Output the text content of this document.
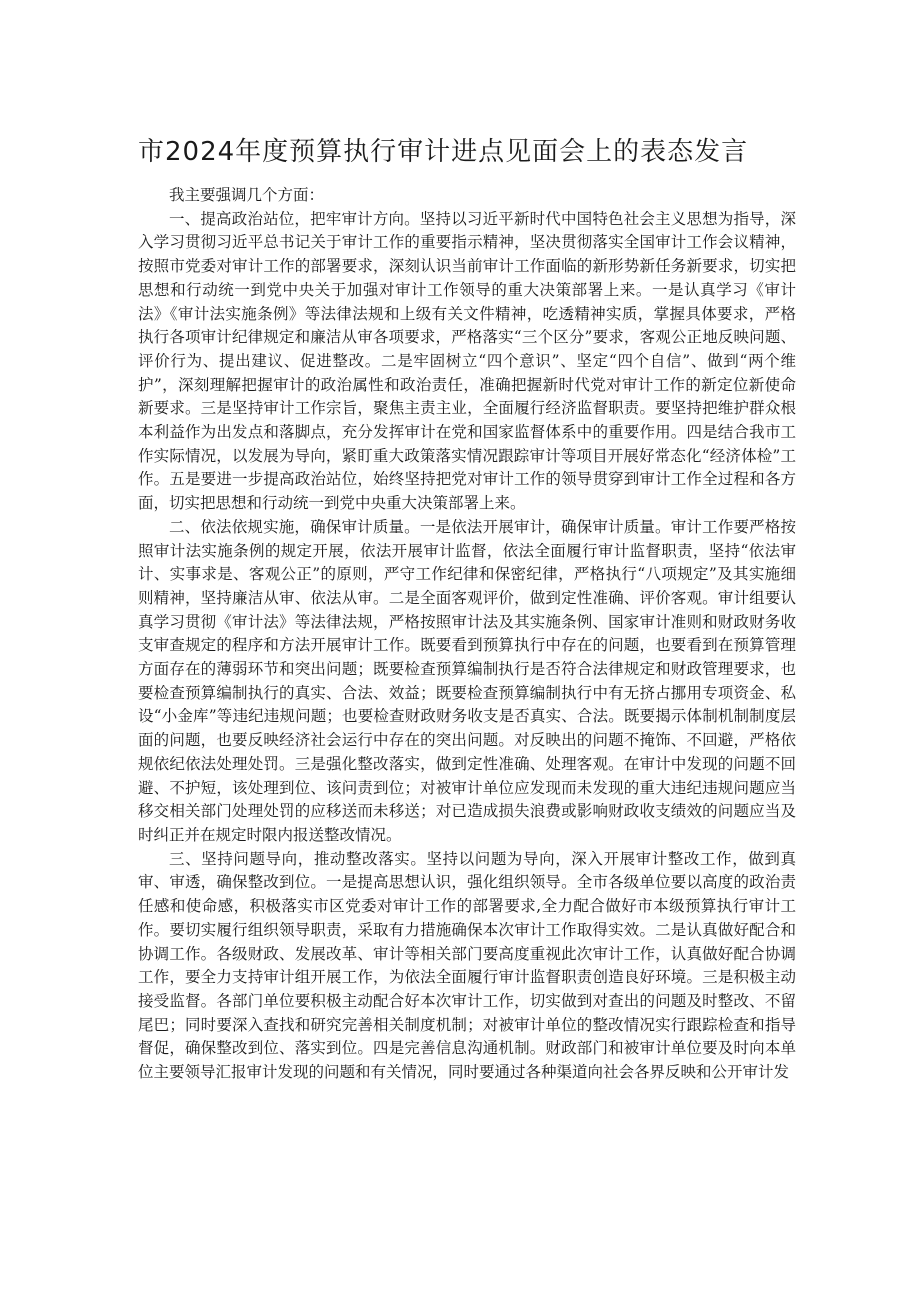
市2024年度预算执行审计进点见面会上的表态发言

我主要强调几个方面：

一、提高政治站位，把牢审计方向。坚持以习近平新时代中国特色社会主义思想为指导，深入学习贯彻习近平总书记关于审计工作的重要指示精神，坚决贯彻落实全国审计工作会议精神，按照市党委对审计工作的部署要求，深刻认识当前审计工作面临的新形势新任务新要求，切实把思想和行动统一到党中央关于加强对审计工作领导的重大决策部署上来。一是认真学习《审计法》《审计法实施条例》等法律法规和上级有关文件精神，吃透精神实质，掌握具体要求，严格执行各项审计纪律规定和廉洁从审各项要求，严格落实“三个区分”要求，客观公正地反映问题、评价行为、提出建议、促进整改。二是牢固树立“四个意识”、坚定“四个自信”、做到“两个维护”，深刻理解把握审计的政治属性和政治责任，准确把握新时代党对审计工作的新定位新使命新要求。三是坚持审计工作宗旨，聚焦主责主业，全面履行经济监督职责。要坚持把维护群众根本利益作为出发点和落脚点，充分发挥审计在党和国家监督体系中的重要作用。四是结合我市工作实际情况，以发展为导向，紧盯重大政策落实情况跟踪审计等项目开展好常态化“经济体检”工作。五是要进一步提高政治站位，始终坚持把党对审计工作的领导贯穿到审计工作全过程和各方面，切实把思想和行动统一到党中央重大决策部署上来。

二、依法依规实施，确保审计质量。一是依法开展审计，确保审计质量。审计工作要严格按照审计法实施条例的规定开展，依法开展审计监督，依法全面履行审计监督职责，坚持“依法审计、实事求是、客观公正”的原则，严守工作纪律和保密纪律，严格执行“八项规定”及其实施细则精神，坚持廉洁从审、依法从审。二是全面客观评价，做到定性准确、评价客观。审计组要认真学习贯彻《审计法》等法律法规，严格按照审计法及其实施条例、国家审计准则和财政财务收支审查规定的程序和方法开展审计工作。既要看到预算执行中存在的问题，也要看到在预算管理方面存在的薄弱环节和突出问题；既要检查预算编制执行是否符合法律规定和财政管理要求，也要检查预算编制执行的真实、合法、效益；既要检查预算编制执行中有无挤占挪用专项资金、私设“小金库”等违纪违规问题；也要检查财政财务收支是否真实、合法。既要揭示体制机制制度层面的问题，也要反映经济社会运行中存在的突出问题。对反映出的问题不掩饰、不回避，严格依规依纪依法处理处罚。三是强化整改落实，做到定性准确、处理客观。在审计中发现的问题不回避、不护短，该处理到位、该问责到位；对被审计单位应发现而未发现的重大违纪违规问题应当移交相关部门处理处罚的应移送而未移送；对已造成损失浪费或影响财政收支绩效的问题应当及时纠正并在规定时限内报送整改情况。

三、坚持问题导向，推动整改落实。坚持以问题为导向，深入开展审计整改工作，做到真审、审透，确保整改到位。一是提高思想认识，强化组织领导。全市各级单位要以高度的政治责任感和使命感，积极落实市区党委对审计工作的部署要求,全力配合做好市本级预算执行审计工作。要切实履行组织领导职责，采取有力措施确保本次审计工作取得实效。二是认真做好配合和协调工作。各级财政、发展改革、审计等相关部门要高度重视此次审计工作，认真做好配合协调工作，要全力支持审计组开展工作，为依法全面履行审计监督职责创造良好环境。三是积极主动接受监督。各部门单位要积极主动配合好本次审计工作，切实做到对查出的问题及时整改、不留尾巴；同时要深入查找和研究完善相关制度机制；对被审计单位的整改情况实行跟踪检查和指导督促，确保整改到位、落实到位。四是完善信息沟通机制。财政部门和被审计单位要及时向本单位主要领导汇报审计发现的问题和有关情况，同时要通过各种渠道向社会各界反映和公开审计发
